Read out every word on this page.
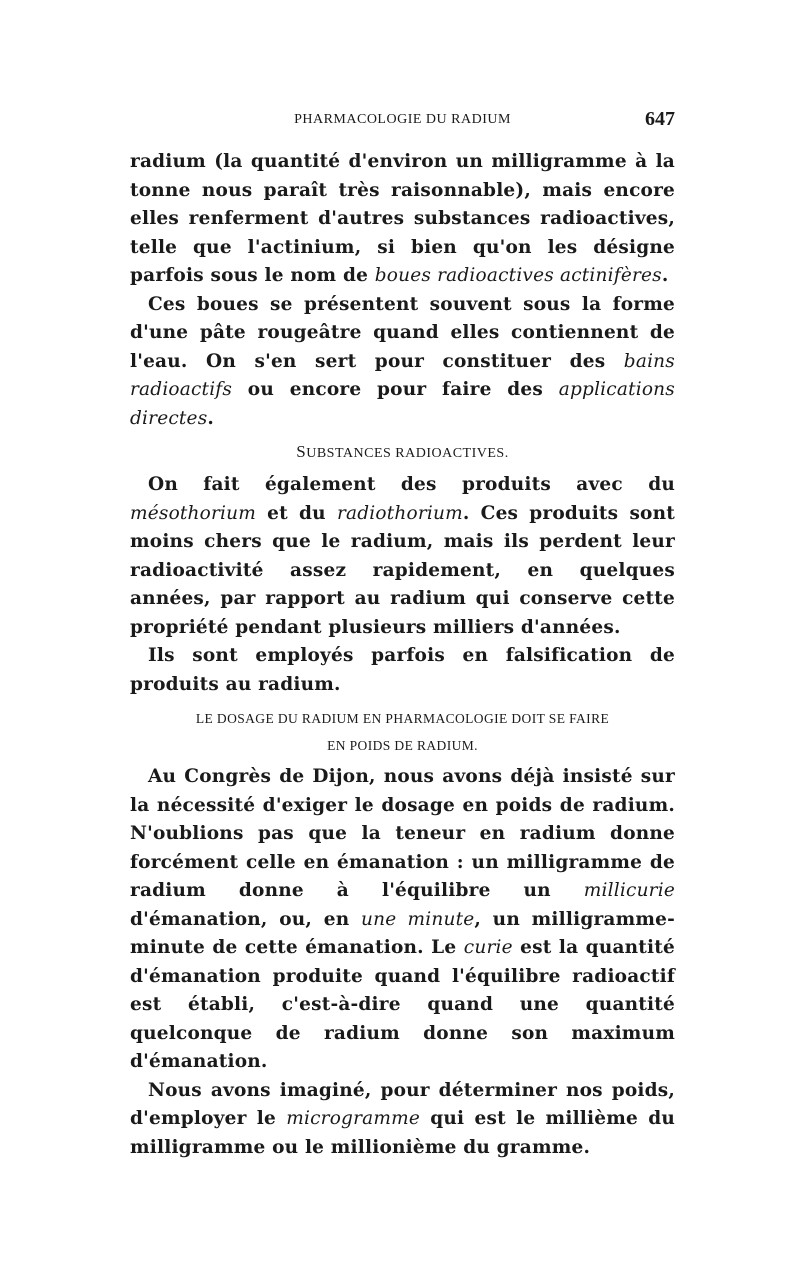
PHARMACOLOGIE DU RADIUM	647

radium (la quantité d'environ un milligramme à la tonne nous paraît très raisonnable), mais encore elles renferment d'autres substances radioactives, telle que l'actinium, si bien qu'on les désigne parfois sous le nom de boues radioactives actinifères.

Ces boues se présentent souvent sous la forme d'une pâte rougeâtre quand elles contiennent de l'eau. On s'en sert pour constituer des bains radioactifs ou encore pour faire des applications directes.

SUBSTANCES RADIOACTIVES.

On fait également des produits avec du mésothorium et du radiothorium. Ces produits sont moins chers que le radium, mais ils perdent leur radioactivité assez rapidement, en quelques années, par rapport au radium qui conserve cette propriété pendant plusieurs milliers d'années.

Ils sont employés parfois en falsification de produits au radium.

LE DOSAGE DU RADIUM EN PHARMACOLOGIE DOIT SE FAIRE
EN POIDS DE RADIUM.

Au Congrès de Dijon, nous avons déjà insisté sur la nécessité d'exiger le dosage en poids de radium. N'oublions pas que la teneur en radium donne forcément celle en émanation : un milligramme de radium donne à l'équilibre un millicurie d'émanation, ou, en une minute, un milligramme-minute de cette émanation. Le curie est la quantité d'émanation produite quand l'équilibre radioactif est établi, c'est-à-dire quand une quantité quelconque de radium donne son maximum d'émanation.

Nous avons imaginé, pour déterminer nos poids, d'employer le microgramme qui est le millième du milligramme ou le millionième du gramme.
